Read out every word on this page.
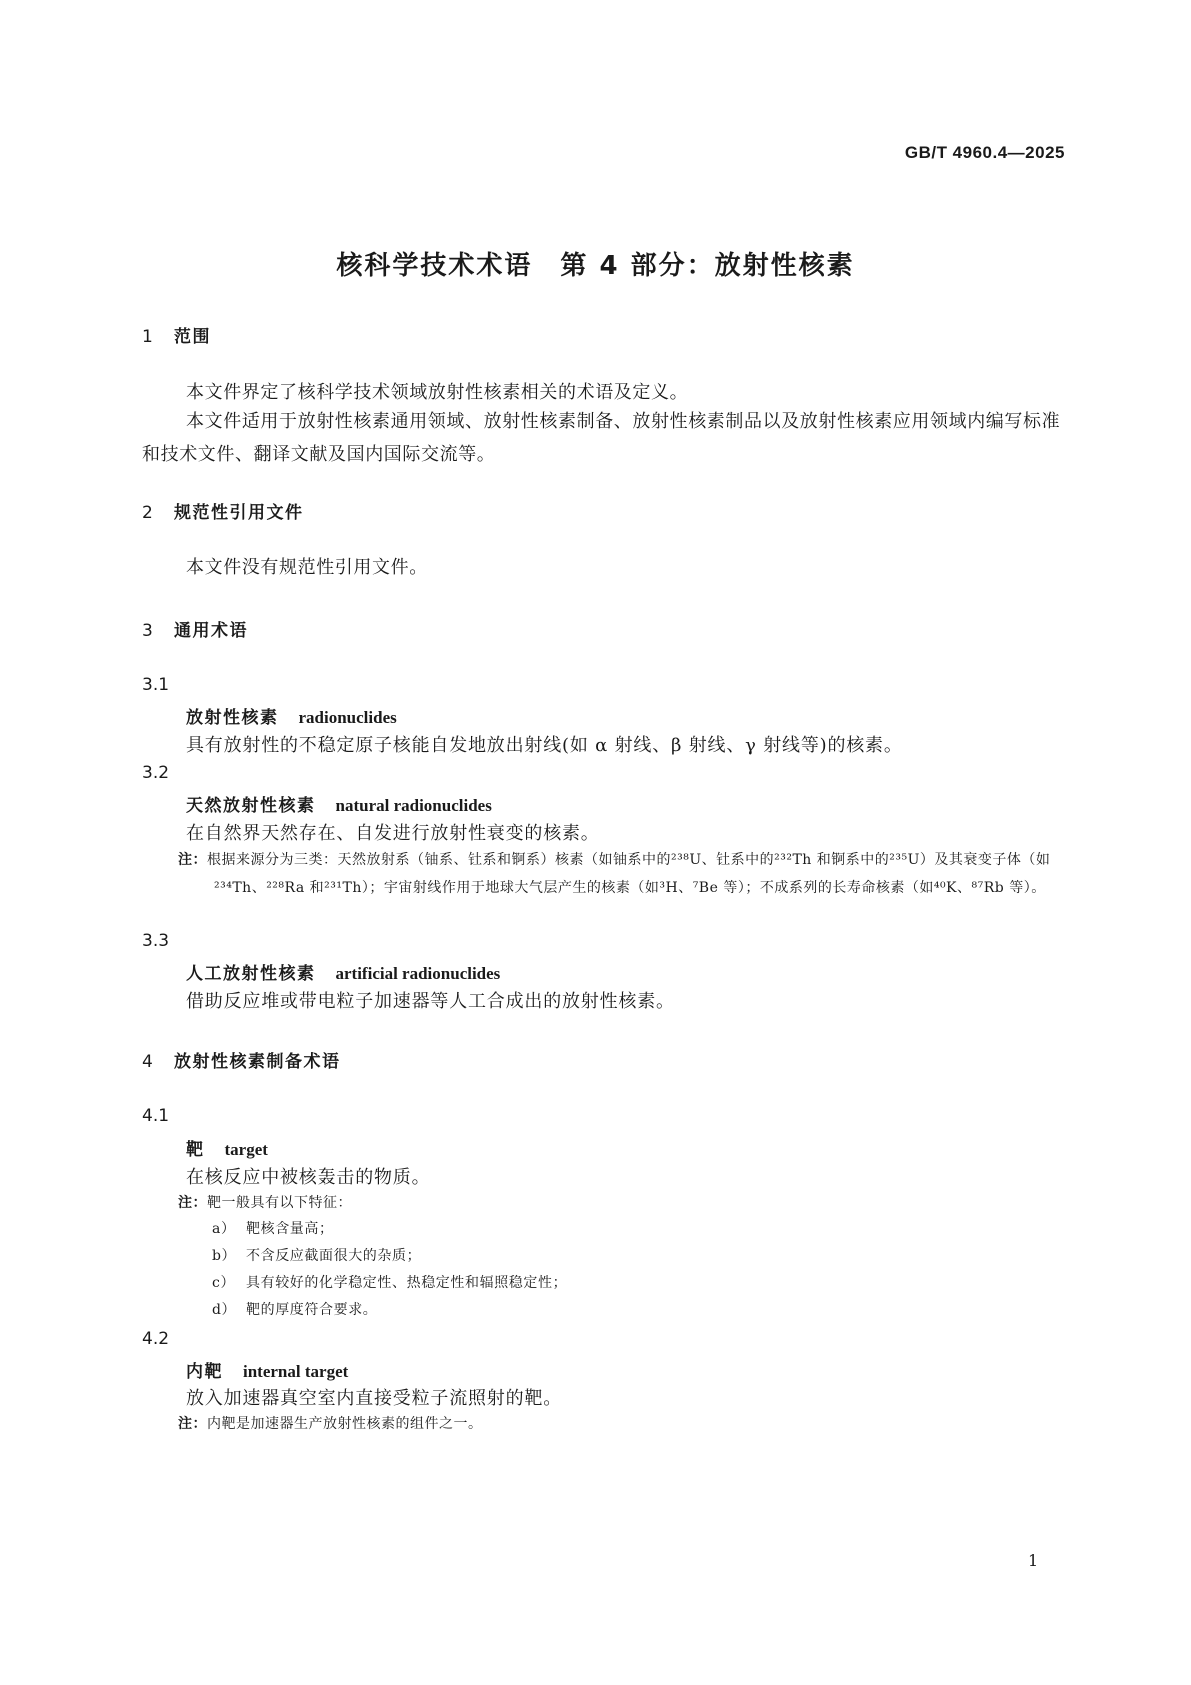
GB/T 4960.4—2025
核科学技术术语　第 4 部分：放射性核素
1 范围
本文件界定了核科学技术领域放射性核素相关的术语及定义。
本文件适用于放射性核素通用领域、放射性核素制备、放射性核素制品以及放射性核素应用领域内编写标准和技术文件、翻译文献及国内国际交流等。
2 规范性引用文件
本文件没有规范性引用文件。
3 通用术语
3.1
放射性核素 radionuclides
具有放射性的不稳定原子核能自发地放出射线(如 α 射线、β 射线、γ 射线等)的核素。
3.2
天然放射性核素 natural radionuclides
在自然界天然存在、自发进行放射性衰变的核素。
注：根据来源分为三类：天然放射系（铀系、钍系和锕系）核素（如铀系中的²³⁸U、钍系中的²³²Th 和锕系中的²³⁵U）及其衰变子体（如²³⁴Th、²²⁸Ra 和²³¹Th）；宇宙射线作用于地球大气层产生的核素（如³H、⁷Be 等）；不成系列的长寿命核素（如⁴⁰K、⁸⁷Rb 等）。
3.3
人工放射性核素 artificial radionuclides
借助反应堆或带电粒子加速器等人工合成出的放射性核素。
4 放射性核素制备术语
4.1
靶 target
在核反应中被核轰击的物质。
注：靶一般具有以下特征：
a） 靶核含量高；
b） 不含反应截面很大的杂质；
c） 具有较好的化学稳定性、热稳定性和辐照稳定性；
d） 靶的厚度符合要求。
4.2
内靶 internal target
放入加速器真空室内直接受粒子流照射的靶。
注：内靶是加速器生产放射性核素的组件之一。
1
